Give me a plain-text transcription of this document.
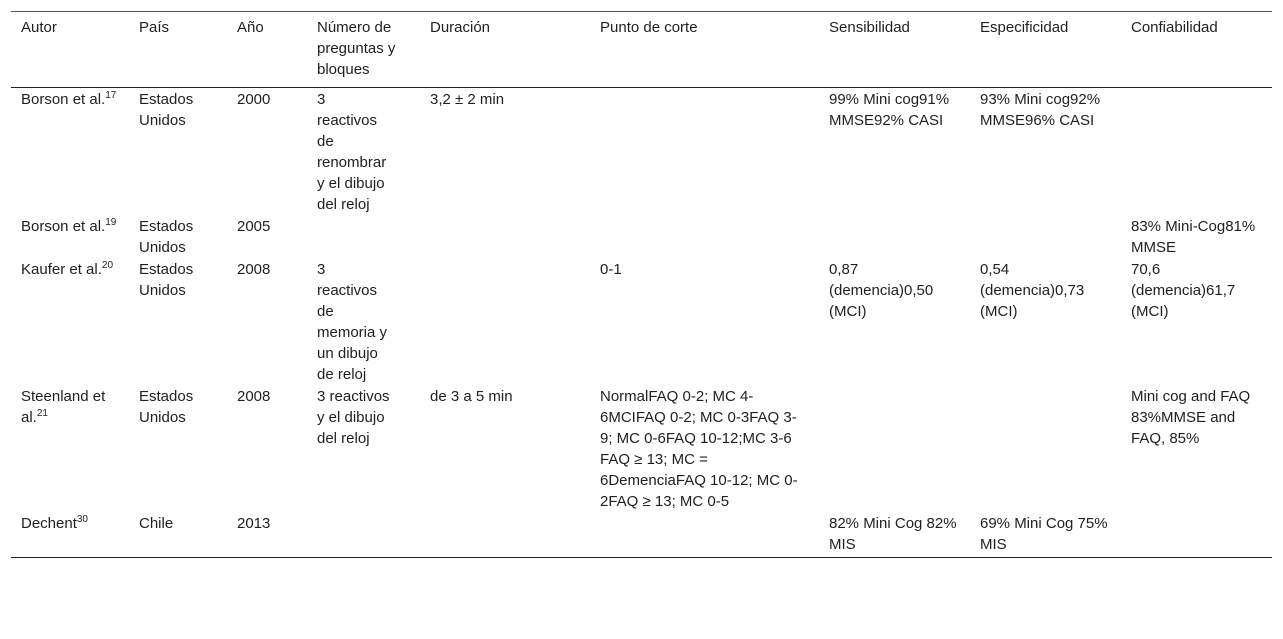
Autor	País	Año	Número de preguntas y bloques	Duración	Punto de corte	Sensibilidad	Especificidad	Confiabilidad
Borson et al.$^{17}$	Estados Unidos	2000	3 reactivos de renombrar y el dibujo del reloj	3,2 ± 2 min		99% Mini cog91% MMSE92% CASI	93% Mini cog92% MMSE96% CASI	
Borson et al.$^{19}$	Estados Unidos	2005						83% Mini-Cog81% MMSE
Kaufer et al.$^{20}$	Estados Unidos	2008	3 reactivos de memoria y un dibujo de reloj		0-1	0,87 (demencia)0,50 (MCI)	0,54 (demencia)0,73 (MCI)	70,6 (demencia)61,7 (MCI)
Steenland et al.$^{21}$	Estados Unidos	2008	3 reactivos y el dibujo del reloj	de 3 a 5 min	NormalFAQ 0-2; MC 4-6MCIFAQ 0-2; MC 0-3FAQ 3-9; MC 0-6FAQ 10-12;MC 3-6 FAQ ≥ 13; MC = 6DemenciaFAQ 10-12; MC 0-2FAQ ≥ 13; MC 0-5			Mini cog and FAQ 83%MMSE and FAQ, 85%
Dechent$^{30}$	Chile	2013				82% Mini Cog 82% MIS	69% Mini Cog 75% MIS	
